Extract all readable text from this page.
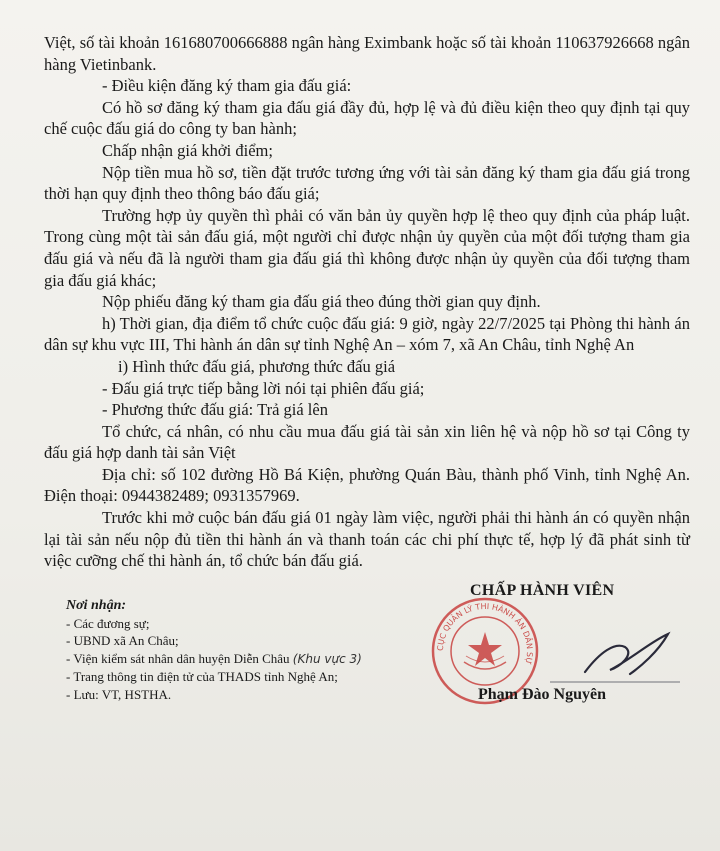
Việt, số tài khoản 161680700666888 ngân hàng Eximbank hoặc số tài khoản 110637926668 ngân hàng Vietinbank.

- Điều kiện đăng ký tham gia đấu giá:

Có hồ sơ đăng ký tham gia đấu giá đầy đủ, hợp lệ và đủ điều kiện theo quy định tại quy chế cuộc đấu giá do công ty ban hành;

Chấp nhận giá khởi điểm;

Nộp tiền mua hồ sơ, tiền đặt trước tương ứng với tài sản đăng ký tham gia đấu giá trong thời hạn quy định theo thông báo đấu giá;

Trường hợp ủy quyền thì phải có văn bản ủy quyền hợp lệ theo quy định của pháp luật. Trong cùng một tài sản đấu giá, một người chỉ được nhận ủy quyền của một đối tượng tham gia đấu giá và nếu đã là người tham gia đấu giá thì không được nhận ủy quyền của đối tượng tham gia đấu giá khác;

Nộp phiếu đăng ký tham gia đấu giá theo đúng thời gian quy định.

h) Thời gian, địa điểm tổ chức cuộc đấu giá: 9 giờ, ngày 22/7/2025 tại Phòng thi hành án dân sự khu vực III, Thi hành án dân sự tỉnh Nghệ An – xóm 7, xã An Châu, tỉnh Nghệ An

i) Hình thức đấu giá, phương thức đấu giá

- Đấu giá trực tiếp bằng lời nói tại phiên đấu giá;

- Phương thức đấu giá: Trả giá lên

Tổ chức, cá nhân, có nhu cầu mua đấu giá tài sản xin liên hệ và nộp hồ sơ tại Công ty đấu giá hợp danh tài sản Việt

Địa chỉ: số 102 đường Hồ Bá Kiện, phường Quán Bàu, thành phố Vinh, tỉnh Nghệ An. Điện thoại: 0944382489; 0931357969.

Trước khi mở cuộc bán đấu giá 01 ngày làm việc, người phải thi hành án có quyền nhận lại tài sản nếu nộp đủ tiền thi hành án và thanh toán các chi phí thực tế, hợp lý đã phát sinh từ việc cưỡng chế thi hành án, tổ chức bán đấu giá.

Nơi nhận:

- Các đương sự;

- UBND xã An Châu;

- Viện kiểm sát nhân dân huyện Diễn Châu (Khu vực 3)

- Trang thông tin điện tử của THADS tỉnh Nghệ An;

- Lưu: VT, HSTHA.

CỤC QUẢN LÝ THI HÀNH ÁN DÂN SỰ
CHẤP HÀNH VIÊN
Phạm Đào Nguyên
